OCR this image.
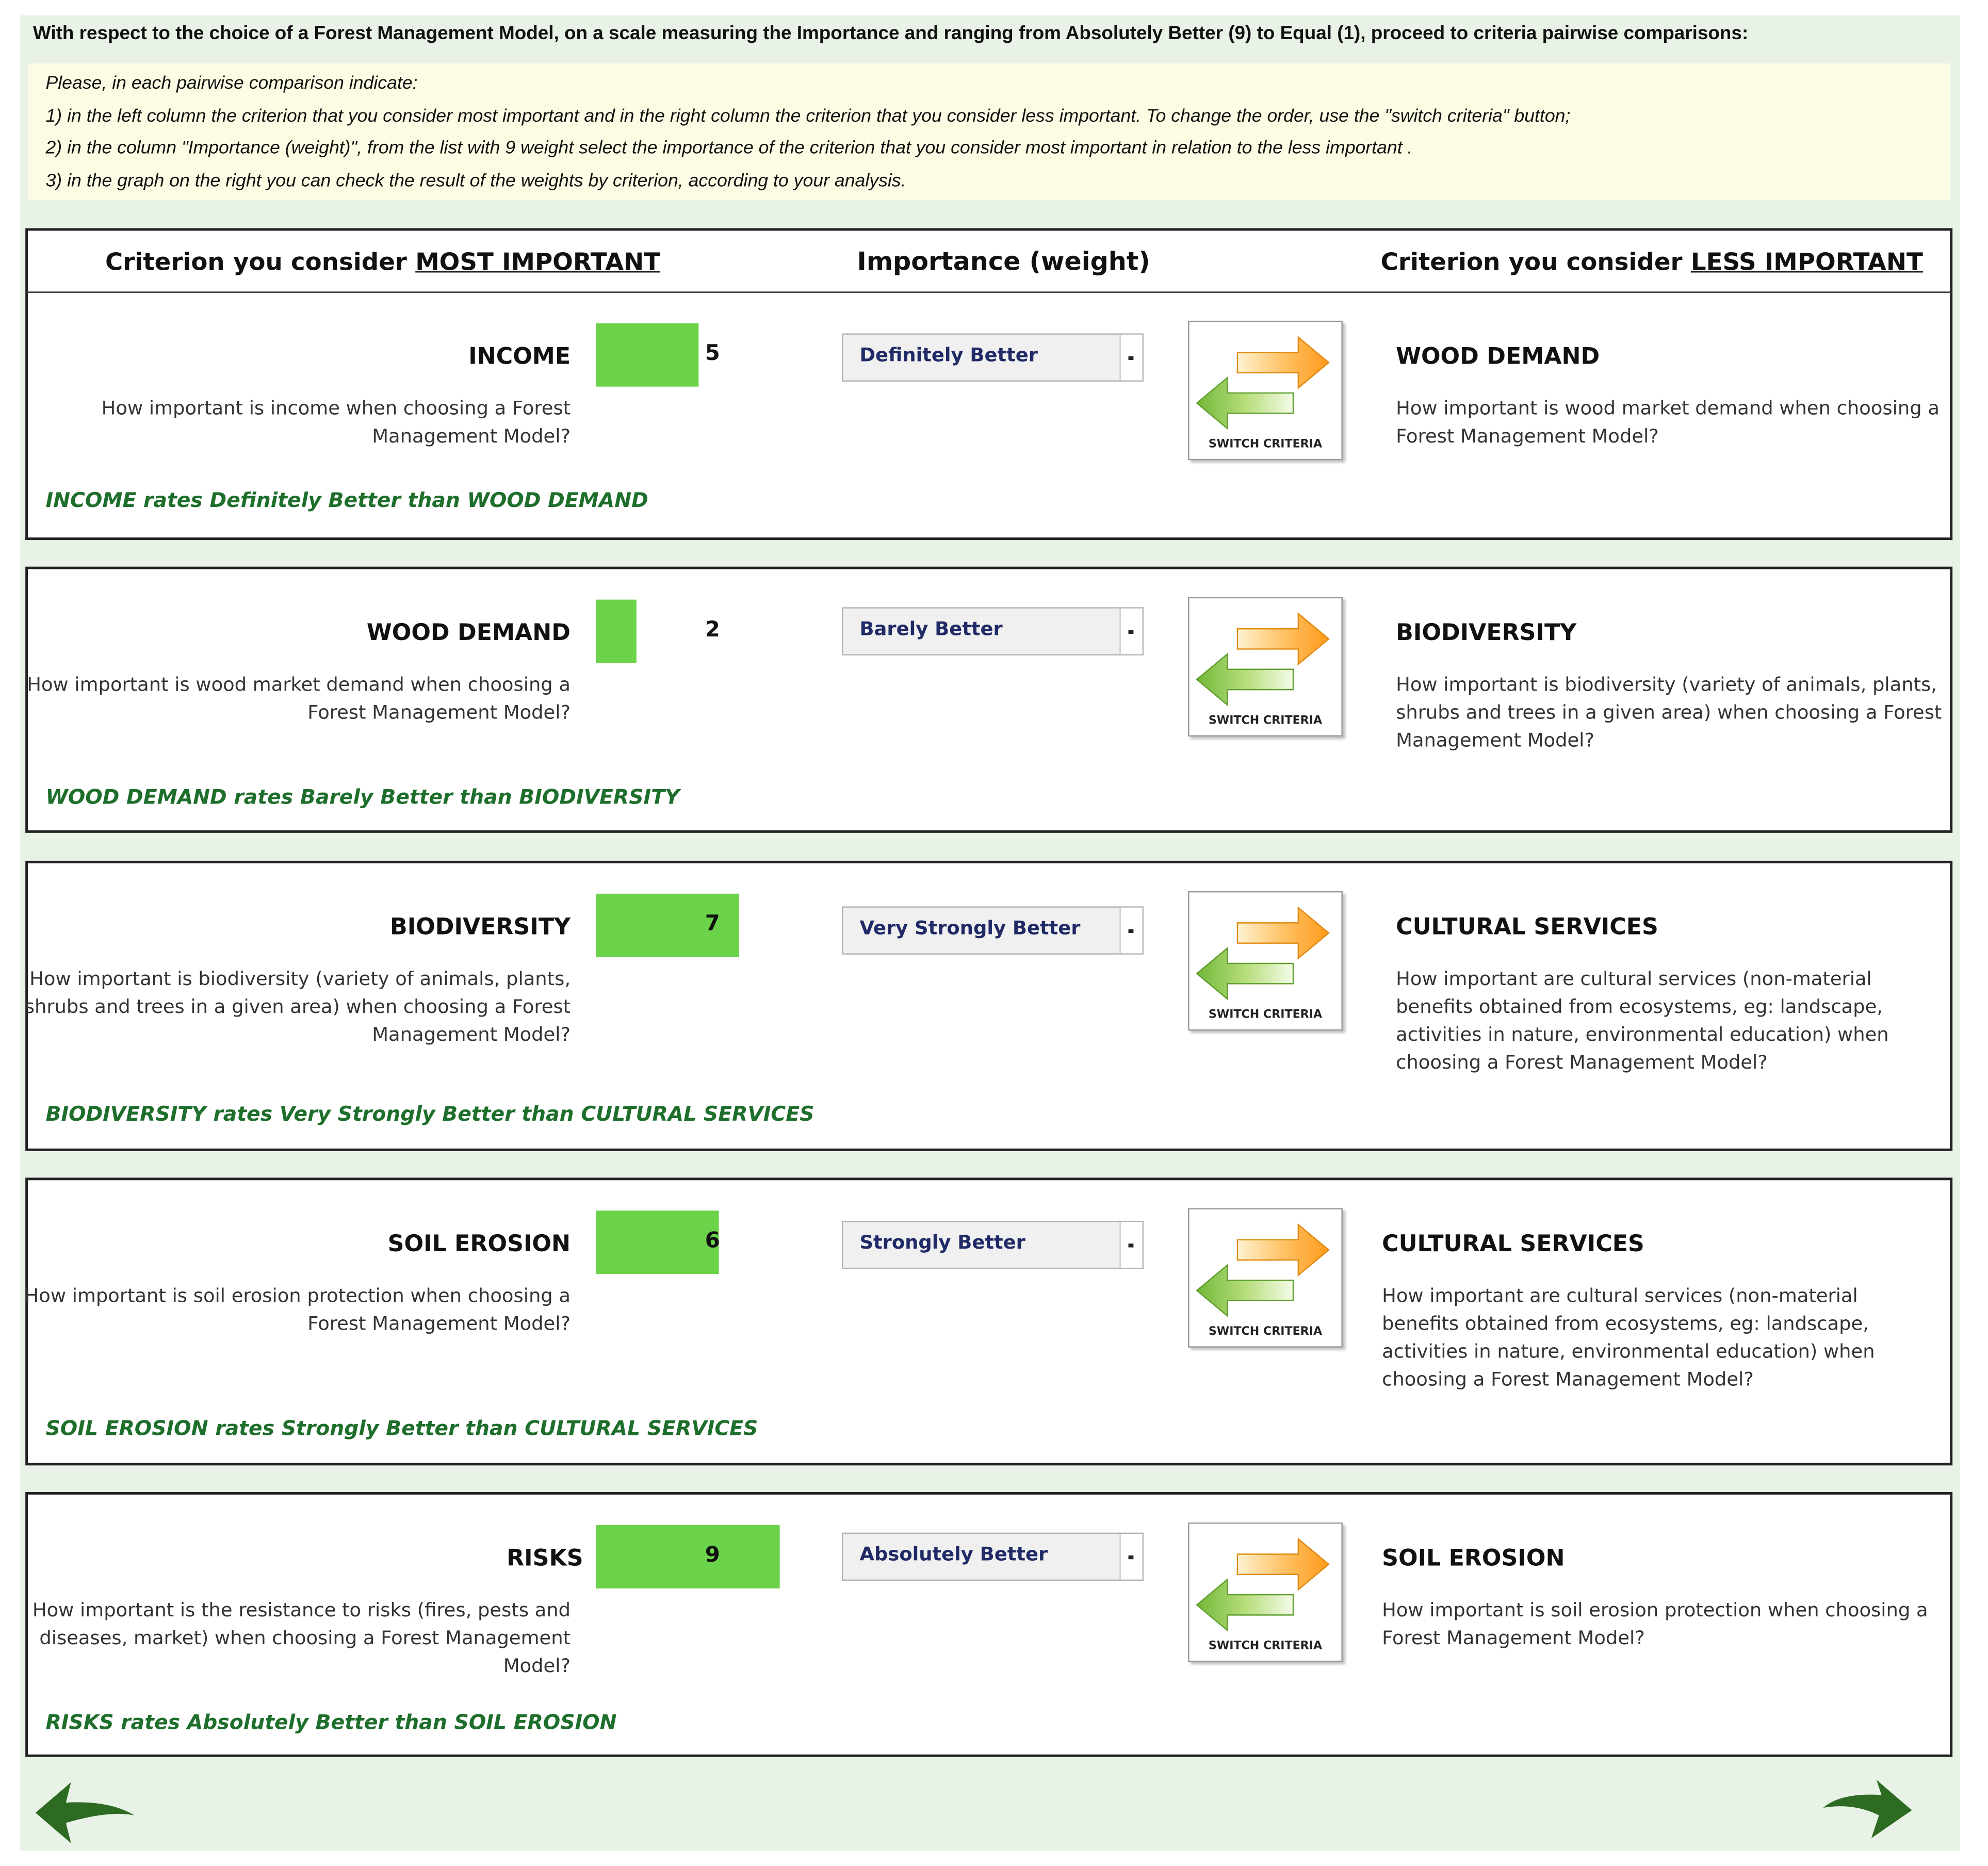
With respect to the choice of a Forest Management Model, on a scale measuring the Importance and ranging from Absolutely Better (9) to Equal (1), proceed to criteria pairwise comparisons:
Please, in each pairwise comparison indicate:
1) in the left column the criterion that you consider most important and in the right column the criterion that you consider less important. To change the order, use the "switch criteria" button;
2) in the column "Importance (weight)", from the list with 9 weight select the importance of the criterion that you consider most important in relation to the less important .
3) in the graph on the right you can check the result of the weights by criterion, according to your analysis.
Criterion you consider MOST IMPORTANT	Importance (weight)	Criterion you consider LESS IMPORTANT
INCOME
How important is income when choosing a Forest Management Model?
5	Definitely Better
SWITCH CRITERIA
WOOD DEMAND
How important is wood market demand when choosing a Forest Management Model?
INCOME rates Definitely Better than WOOD DEMAND
WOOD DEMAND
How important is wood market demand when choosing a Forest Management Model?
2	Barely Better
SWITCH CRITERIA
BIODIVERSITY
How important is biodiversity (variety of animals, plants, shrubs and trees in a given area) when choosing a Forest Management Model?
WOOD DEMAND rates Barely Better than BIODIVERSITY
BIODIVERSITY
How important is biodiversity (variety of animals, plants, shrubs and trees in a given area) when choosing a Forest Management Model?
7	Very Strongly Better
SWITCH CRITERIA
CULTURAL SERVICES
How important are cultural services (non-material benefits obtained from ecosystems, eg: landscape, activities in nature, environmental education) when choosing a Forest Management Model?
BIODIVERSITY rates Very Strongly Better than CULTURAL SERVICES
SOIL EROSION
How important is soil erosion protection when choosing a Forest Management Model?
6	Strongly Better
SWITCH CRITERIA
CULTURAL SERVICES
How important are cultural services (non-material benefits obtained from ecosystems, eg: landscape, activities in nature, environmental education) when choosing a Forest Management Model?
SOIL EROSION rates Strongly Better than CULTURAL SERVICES
RISKS
How important is the resistance to risks (fires, pests and diseases, market) when choosing a Forest Management Model?
9	Absolutely Better
SWITCH CRITERIA
SOIL EROSION
How important is soil erosion protection when choosing a Forest Management Model?
RISKS rates Absolutely Better than SOIL EROSION
